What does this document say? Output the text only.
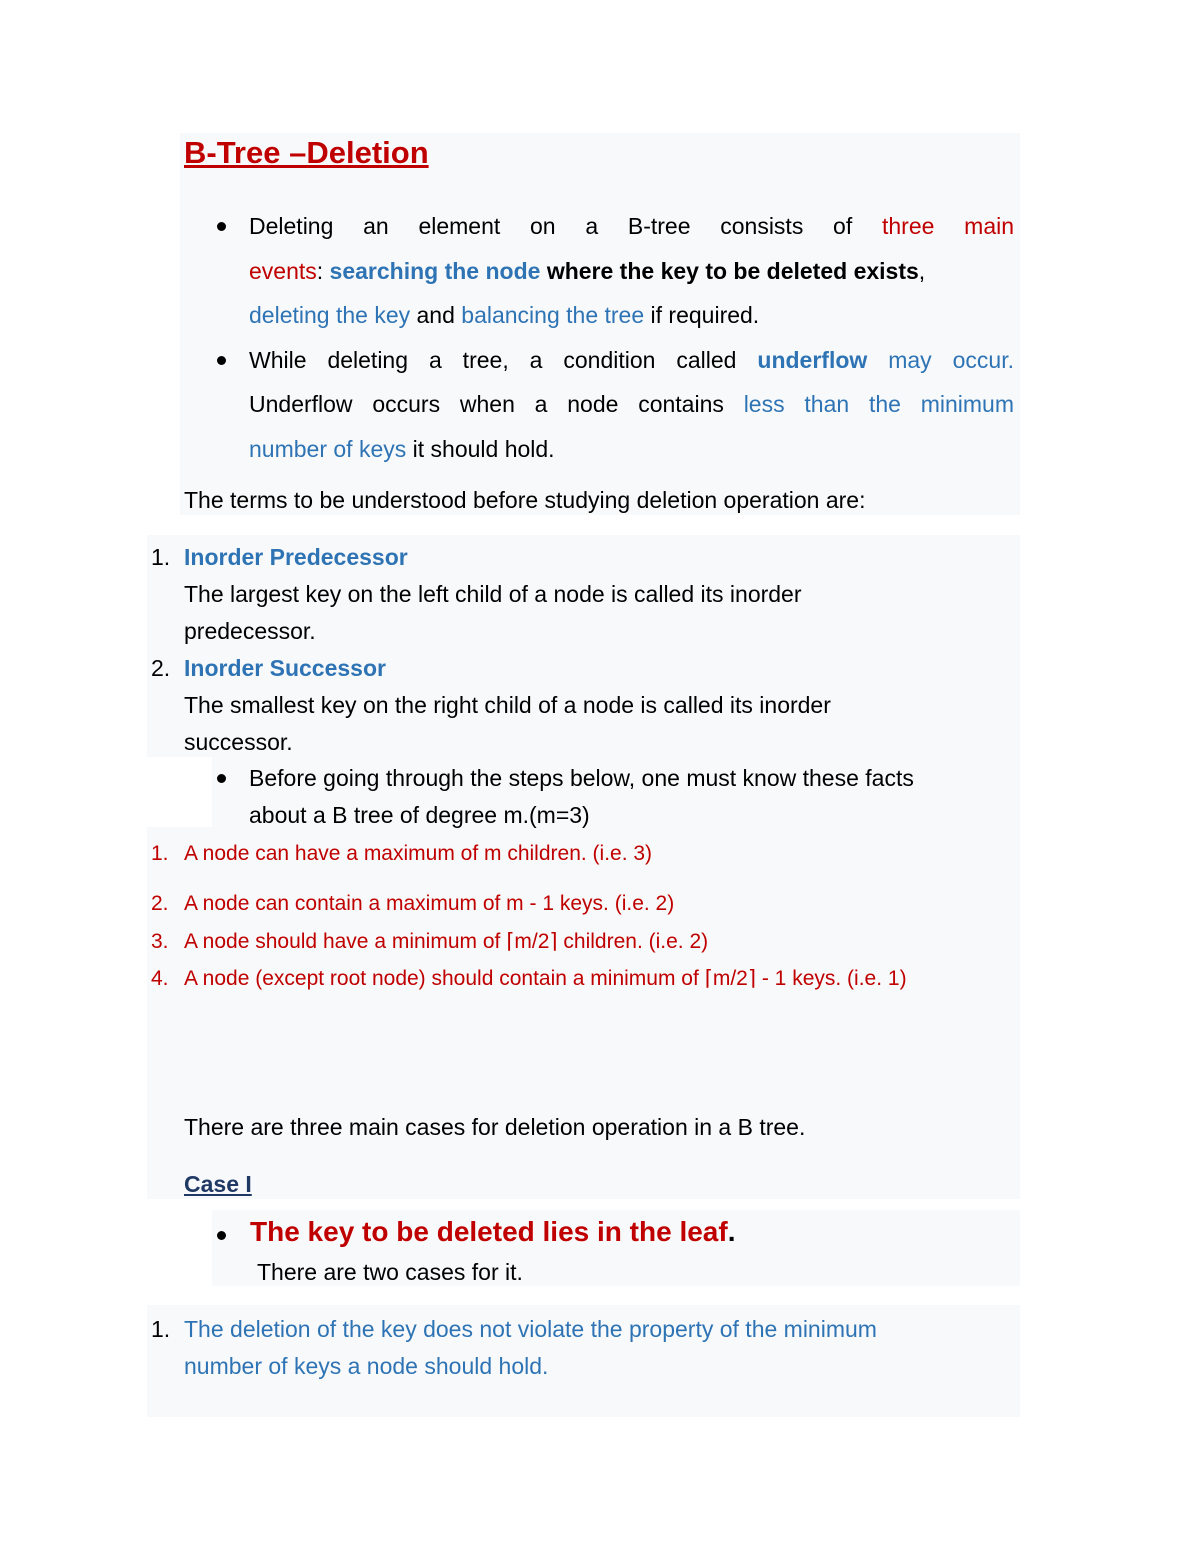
B-Tree –Deletion
Deleting an element on a B-tree consists of three main
events: searching the node where the key to be deleted exists,
deleting the key and balancing the tree if required.
While deleting a tree, a condition called underflow may occur.
Underflow occurs when a node contains less than the minimum
number of keys it should hold.
The terms to be understood before studying deletion operation are:
1. Inorder Predecessor
The largest key on the left child of a node is called its inorder
predecessor.
2. Inorder Successor
The smallest key on the right child of a node is called its inorder
successor.
Before going through the steps below, one must know these facts
about a B tree of degree m.(m=3)
1. A node can have a maximum of m children. (i.e. 3)
2. A node can contain a maximum of m - 1 keys. (i.e. 2)
3. A node should have a minimum of ⌈m/2⌉ children. (i.e. 2)
4. A node (except root node) should contain a minimum of ⌈m/2⌉ - 1 keys. (i.e. 1)
There are three main cases for deletion operation in a B tree.
Case I
The key to be deleted lies in the leaf.
There are two cases for it.
1. The deletion of the key does not violate the property of the minimum
number of keys a node should hold.
